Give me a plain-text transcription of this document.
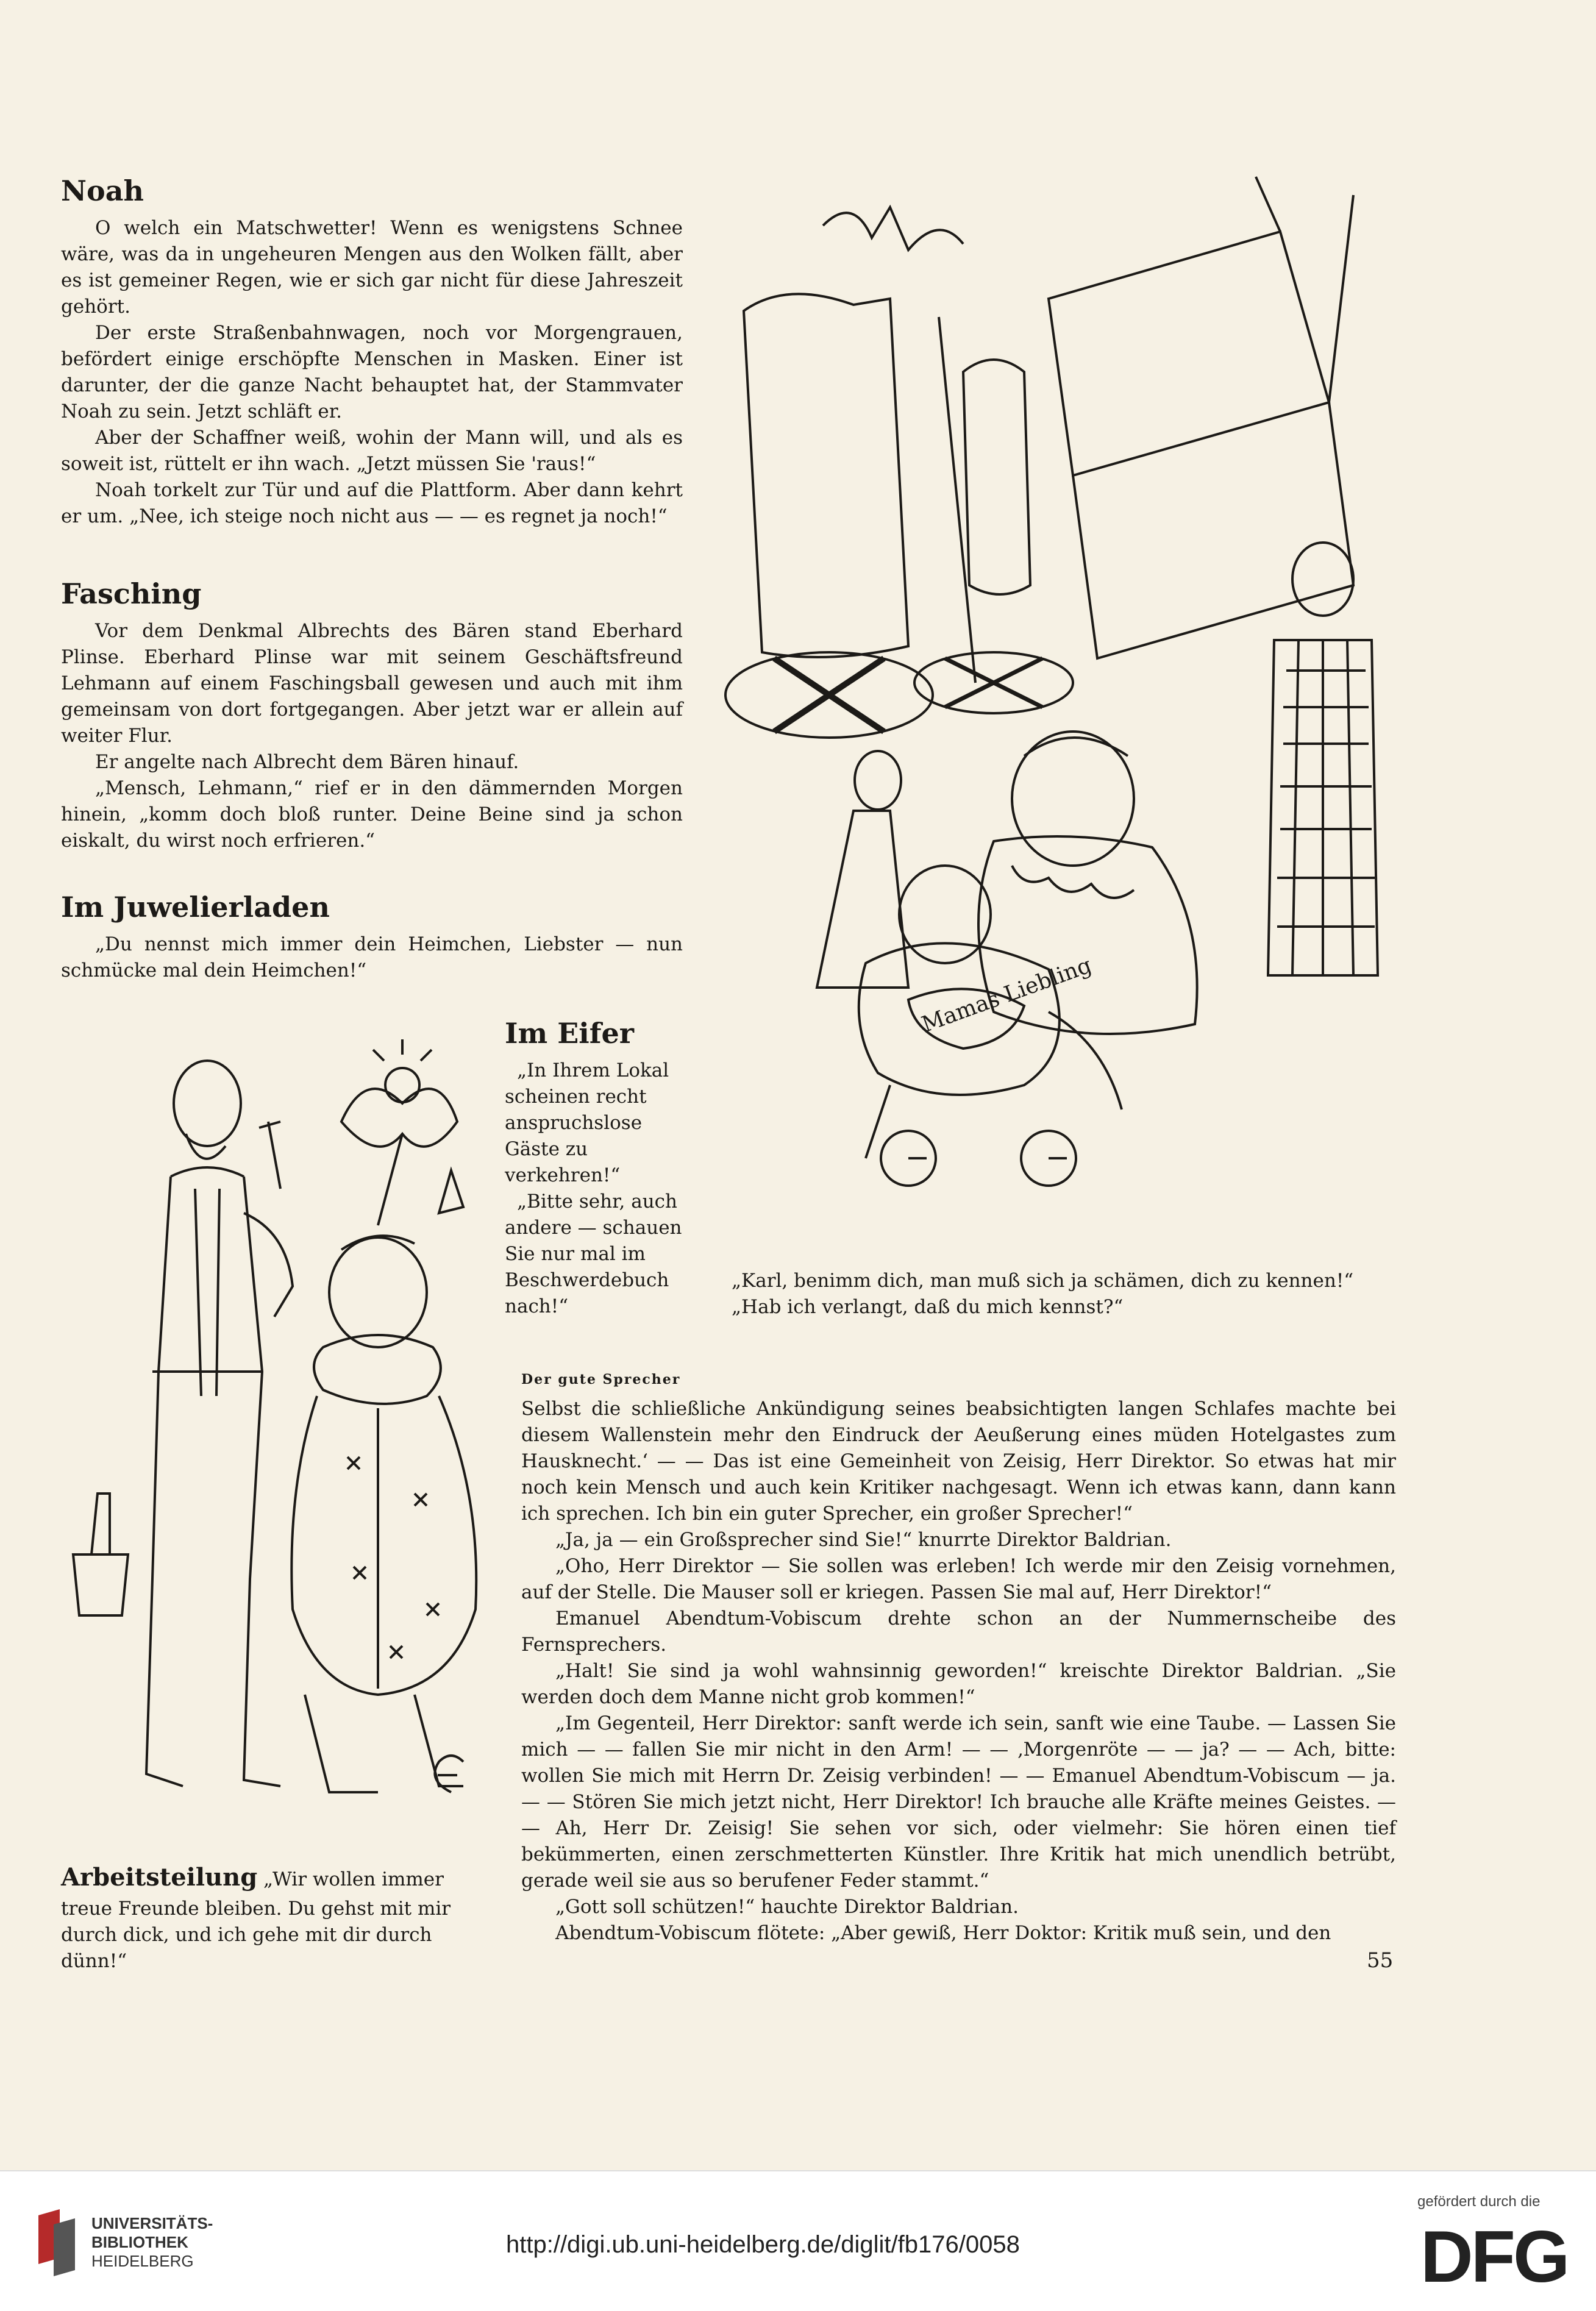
Noah

O welch ein Matschwetter! Wenn es wenigstens Schnee wäre, was da in ungeheuren Mengen aus den Wolken fällt, aber es ist gemeiner Regen, wie er sich gar nicht für diese Jahreszeit gehört.

Der erste Straßenbahnwagen, noch vor Morgengrauen, befördert einige erschöpfte Menschen in Masken. Einer ist darunter, der die ganze Nacht behauptet hat, der Stammvater Noah zu sein. Jetzt schläft er.

Aber der Schaffner weiß, wohin der Mann will, und als es soweit ist, rüttelt er ihn wach. „Jetzt müssen Sie 'raus!“

Noah torkelt zur Tür und auf die Plattform. Aber dann kehrt er um. „Nee, ich steige noch nicht aus — — es regnet ja noch!“

Fasching

Vor dem Denkmal Albrechts des Bären stand Eberhard Plinse. Eberhard Plinse war mit seinem Geschäftsfreund Lehmann auf einem Faschingsball gewesen und auch mit ihm gemeinsam von dort fortgegangen. Aber jetzt war er allein auf weiter Flur.

Er angelte nach Albrecht dem Bären hinauf.

„Mensch, Lehmann,“ rief er in den dämmernden Morgen hinein, „komm doch bloß runter. Deine Beine sind ja schon eiskalt, du wirst noch erfrieren.“

Im Juwelierladen

„Du nennst mich immer dein Heimchen, Liebster — nun schmücke mal dein Heimchen!“

Im Eifer

„In Ihrem Lokal scheinen recht anspruchslose Gäste zu verkehren!“

„Bitte sehr, auch andere — schauen Sie nur mal im Beschwerdebuch nach!“

Mamas Liebling
„Karl, benimm dich, man muß sich ja schämen, dich zu kennen!“
„Hab ich verlangt, daß du mich kennst?“

Arbeitsteilung „Wir wollen immer treue Freunde bleiben. Du gehst mit mir durch dick, und ich gehe mit dir durch dünn!“

Der gute Sprecher

Selbst die schließliche Ankündigung seines beabsichtigten langen Schlafes machte bei diesem Wallenstein mehr den Eindruck der Aeußerung eines müden Hotelgastes zum Hausknecht.‘ — — Das ist eine Gemeinheit von Zeisig, Herr Direktor. So etwas hat mir noch kein Mensch und auch kein Kritiker nachgesagt. Wenn ich etwas kann, dann kann ich sprechen. Ich bin ein guter Sprecher, ein großer Sprecher!“

„Ja, ja — ein Großsprecher sind Sie!“ knurrte Direktor Baldrian.

„Oho, Herr Direktor — Sie sollen was erleben! Ich werde mir den Zeisig vornehmen, auf der Stelle. Die Mauser soll er kriegen. Passen Sie mal auf, Herr Direktor!“

Emanuel Abendtum-Vobiscum drehte schon an der Nummernscheibe des Fernsprechers.

„Halt! Sie sind ja wohl wahnsinnig geworden!“ kreischte Direktor Baldrian. „Sie werden doch dem Manne nicht grob kommen!“

„Im Gegenteil, Herr Direktor: sanft werde ich sein, sanft wie eine Taube. — Lassen Sie mich — — fallen Sie mir nicht in den Arm! — — ‚Morgenröte — — ja? — — Ach, bitte: wollen Sie mich mit Herrn Dr. Zeisig verbinden! — — Emanuel Abendtum-Vobiscum — ja. — — Stören Sie mich jetzt nicht, Herr Direktor! Ich brauche alle Kräfte meines Geistes. — — Ah, Herr Dr. Zeisig! Sie sehen vor sich, oder vielmehr: Sie hören einen tief bekümmerten, einen zerschmetterten Künstler. Ihre Kritik hat mich unendlich betrübt, gerade weil sie aus so berufener Feder stammt.“

„Gott soll schützen!“ hauchte Direktor Baldrian.

Abendtum-Vobiscum flötete: „Aber gewiß, Herr Doktor: Kritik muß sein, und den

55
UNIVERSITÄTS-
BIBLIOTHEK
HEIDELBERG
http://digi.ub.uni-heidelberg.de/diglit/fb176/0058
gefördert durch die
DFG
